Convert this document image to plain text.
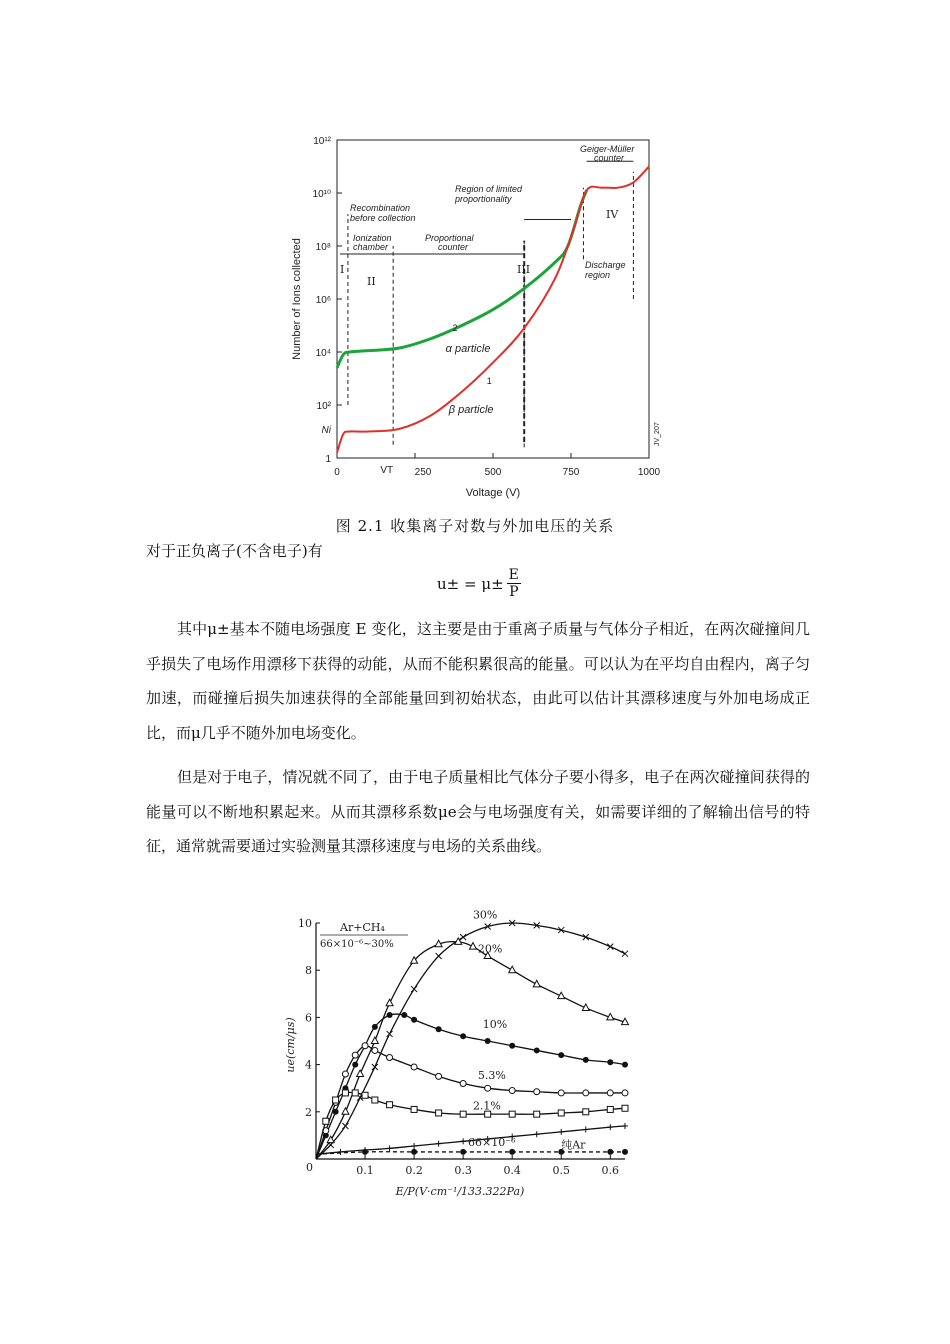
0	250	500	750	1000
1
10²
10⁴
10⁶
10⁸
10¹⁰
10¹²
Ni
VT
JV_207
Recombination
before collection
Ionization
chamber
Proportional
counter
Region of limited
proportionality
Geiger-Müller
counter
Discharge
region
I
II
III
IV
α particle
2
β particle
1
Voltage (V)
Number of Ions collected
图 2.1 收集离子对数与外加电压的关系
对于正负离子(不含电子)有
$u\pm = \mu\pm \frac{E}{P}$
其中μ±基本不随电场强度 E 变化，这主要是由于重离子质量与气体分子相近，在两次碰撞间几乎损失了电场作用漂移下获得的动能，从而不能积累很高的能量。可以认为在平均自由程内，离子匀加速，而碰撞后损失加速获得的全部能量回到初始状态，由此可以估计其漂移速度与外加电场成正比，而μ几乎不随外加电场变化。
但是对于电子，情况就不同了，由于电子质量相比气体分子要小得多，电子在两次碰撞间获得的能量可以不断地积累起来。从而其漂移系数μe会与电场强度有关，如需要详细的了解输出信号的特征，通常就需要通过实验测量其漂移速度与电场的关系曲线。
0.1	0.2	0.3	0.4	0.5	0.6
2
4
6
8
10
0
30%
20%
10%
5.3%
2.1%
66×10⁻⁶	纯Ar
Ar+CH₄
66×10⁻⁶~30%
E/P(V·cm⁻¹/133.322Pa)
ue(cm/μs)
